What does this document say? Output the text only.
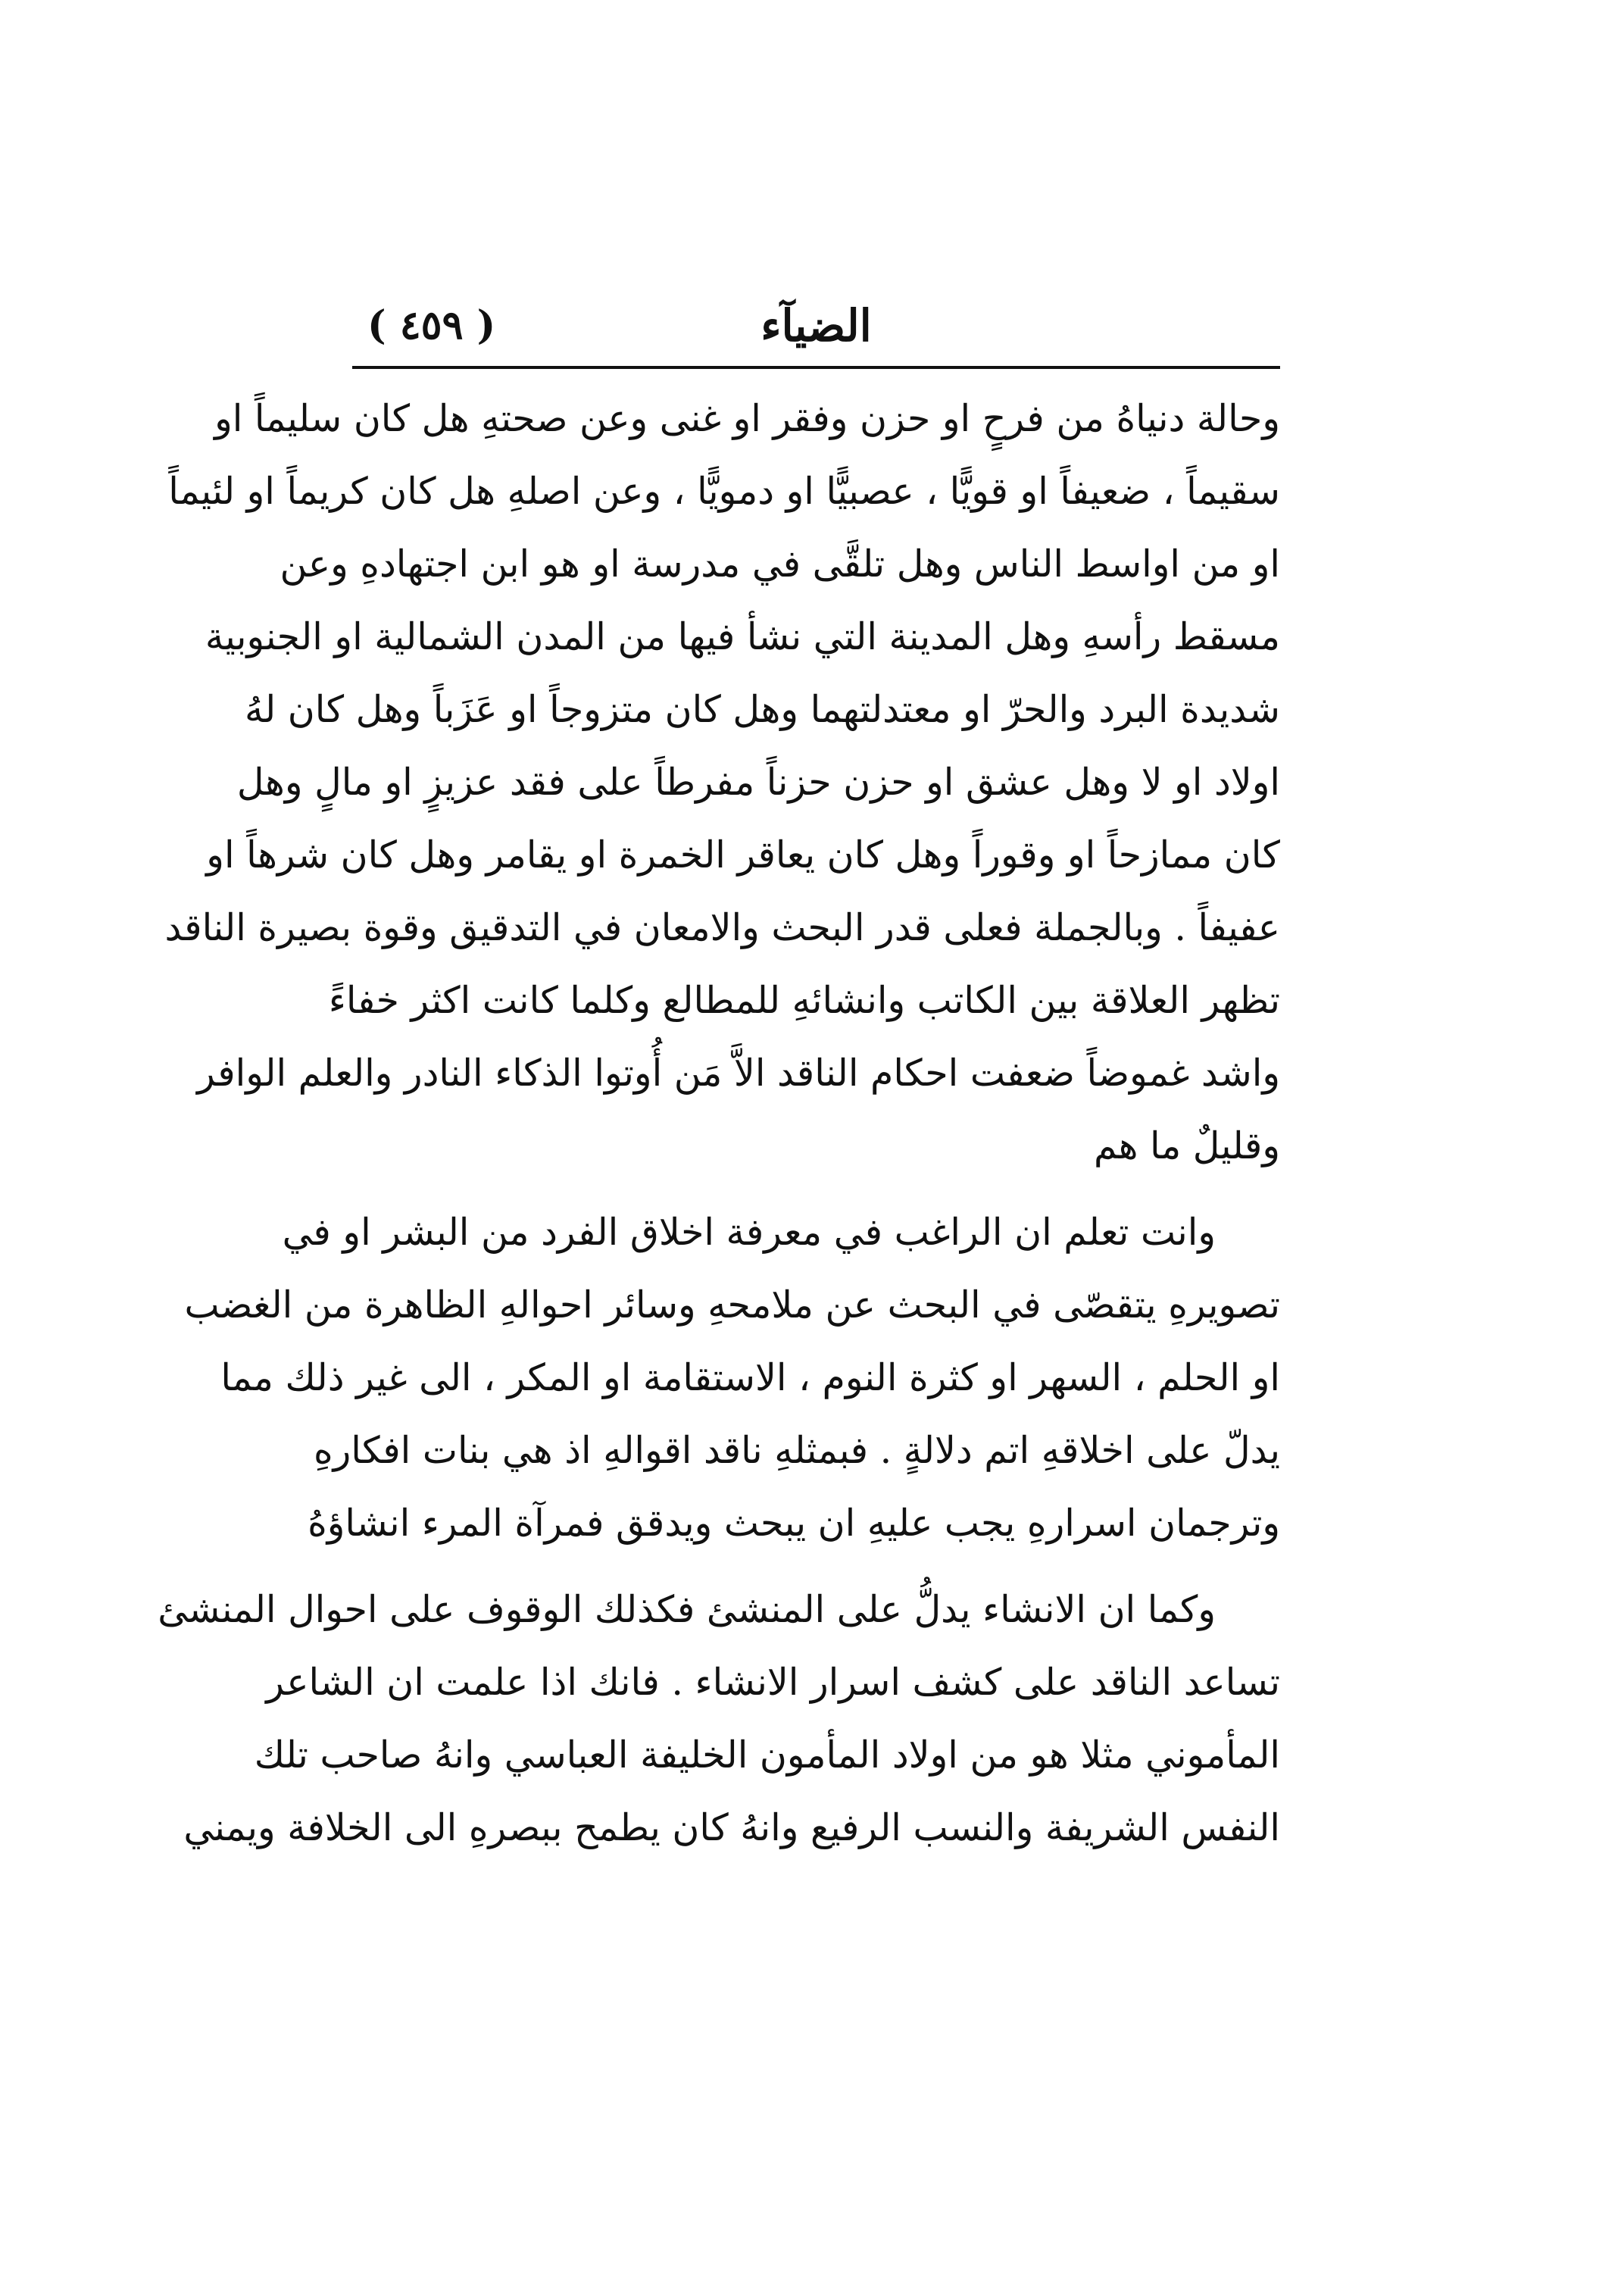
الضيآء
( ٤٥٩ )
وحالة دنياهُ من فرحٍ او حزن وفقر او غنى وعن صحتهِ هل كان سليماً او
سقيماً ، ضعيفاً او قويًّا ، عصبيًّا او دمويًّا ، وعن اصلهِ هل كان كريماً او لئيماً
او من اواسط الناس وهل تلقَّى في مدرسة او هو ابن اجتهادهِ وعن
مسقط رأسهِ وهل المدينة التي نشأ فيها من المدن الشمالية او الجنوبية
شديدة البرد والحرّ او معتدلتهما وهل كان متزوجاً او عَزَباً وهل كان لهُ
اولاد او لا وهل عشق او حزن حزناً مفرطاً على فقد عزيزٍ او مالٍ وهل
كان ممازحاً او وقوراً وهل كان يعاقر الخمرة او يقامر وهل كان شرهاً او
عفيفاً . وبالجملة فعلى قدر البحث والامعان في التدقيق وقوة بصيرة الناقد
تظهر العلاقة بين الكاتب وانشائهِ للمطالع وكلما كانت اكثر خفاءً
واشد غموضاً ضعفت احكام الناقد الاَّ مَن أُوتوا الذكاء النادر والعلم الوافر
وقليلٌ ما هم
وانت تعلم ان الراغب في معرفة اخلاق الفرد من البشر او في
تصويرهِ يتقصّى في البحث عن ملامحهِ وسائر احوالهِ الظاهرة من الغضب
او الحلم ، السهر او كثرة النوم ، الاستقامة او المكر ، الى غير ذلك مما
يدلّ على اخلاقهِ اتم دلالةٍ . فبمثلهِ ناقد اقوالهِ اذ هي بنات افكارهِ
وترجمان اسرارهِ يجب عليهِ ان يبحث ويدقق فمرآة المرء انشاؤهُ
وكما ان الانشاء يدلُّ على المنشئ فكذلك الوقوف على احوال المنشئ
تساعد الناقد على كشف اسرار الانشاء . فانك اذا علمت ان الشاعر
المأموني مثلا هو من اولاد المأمون الخليفة العباسي وانهُ صاحب تلك
النفس الشريفة والنسب الرفيع وانهُ كان يطمح ببصرهِ الى الخلافة ويمني
